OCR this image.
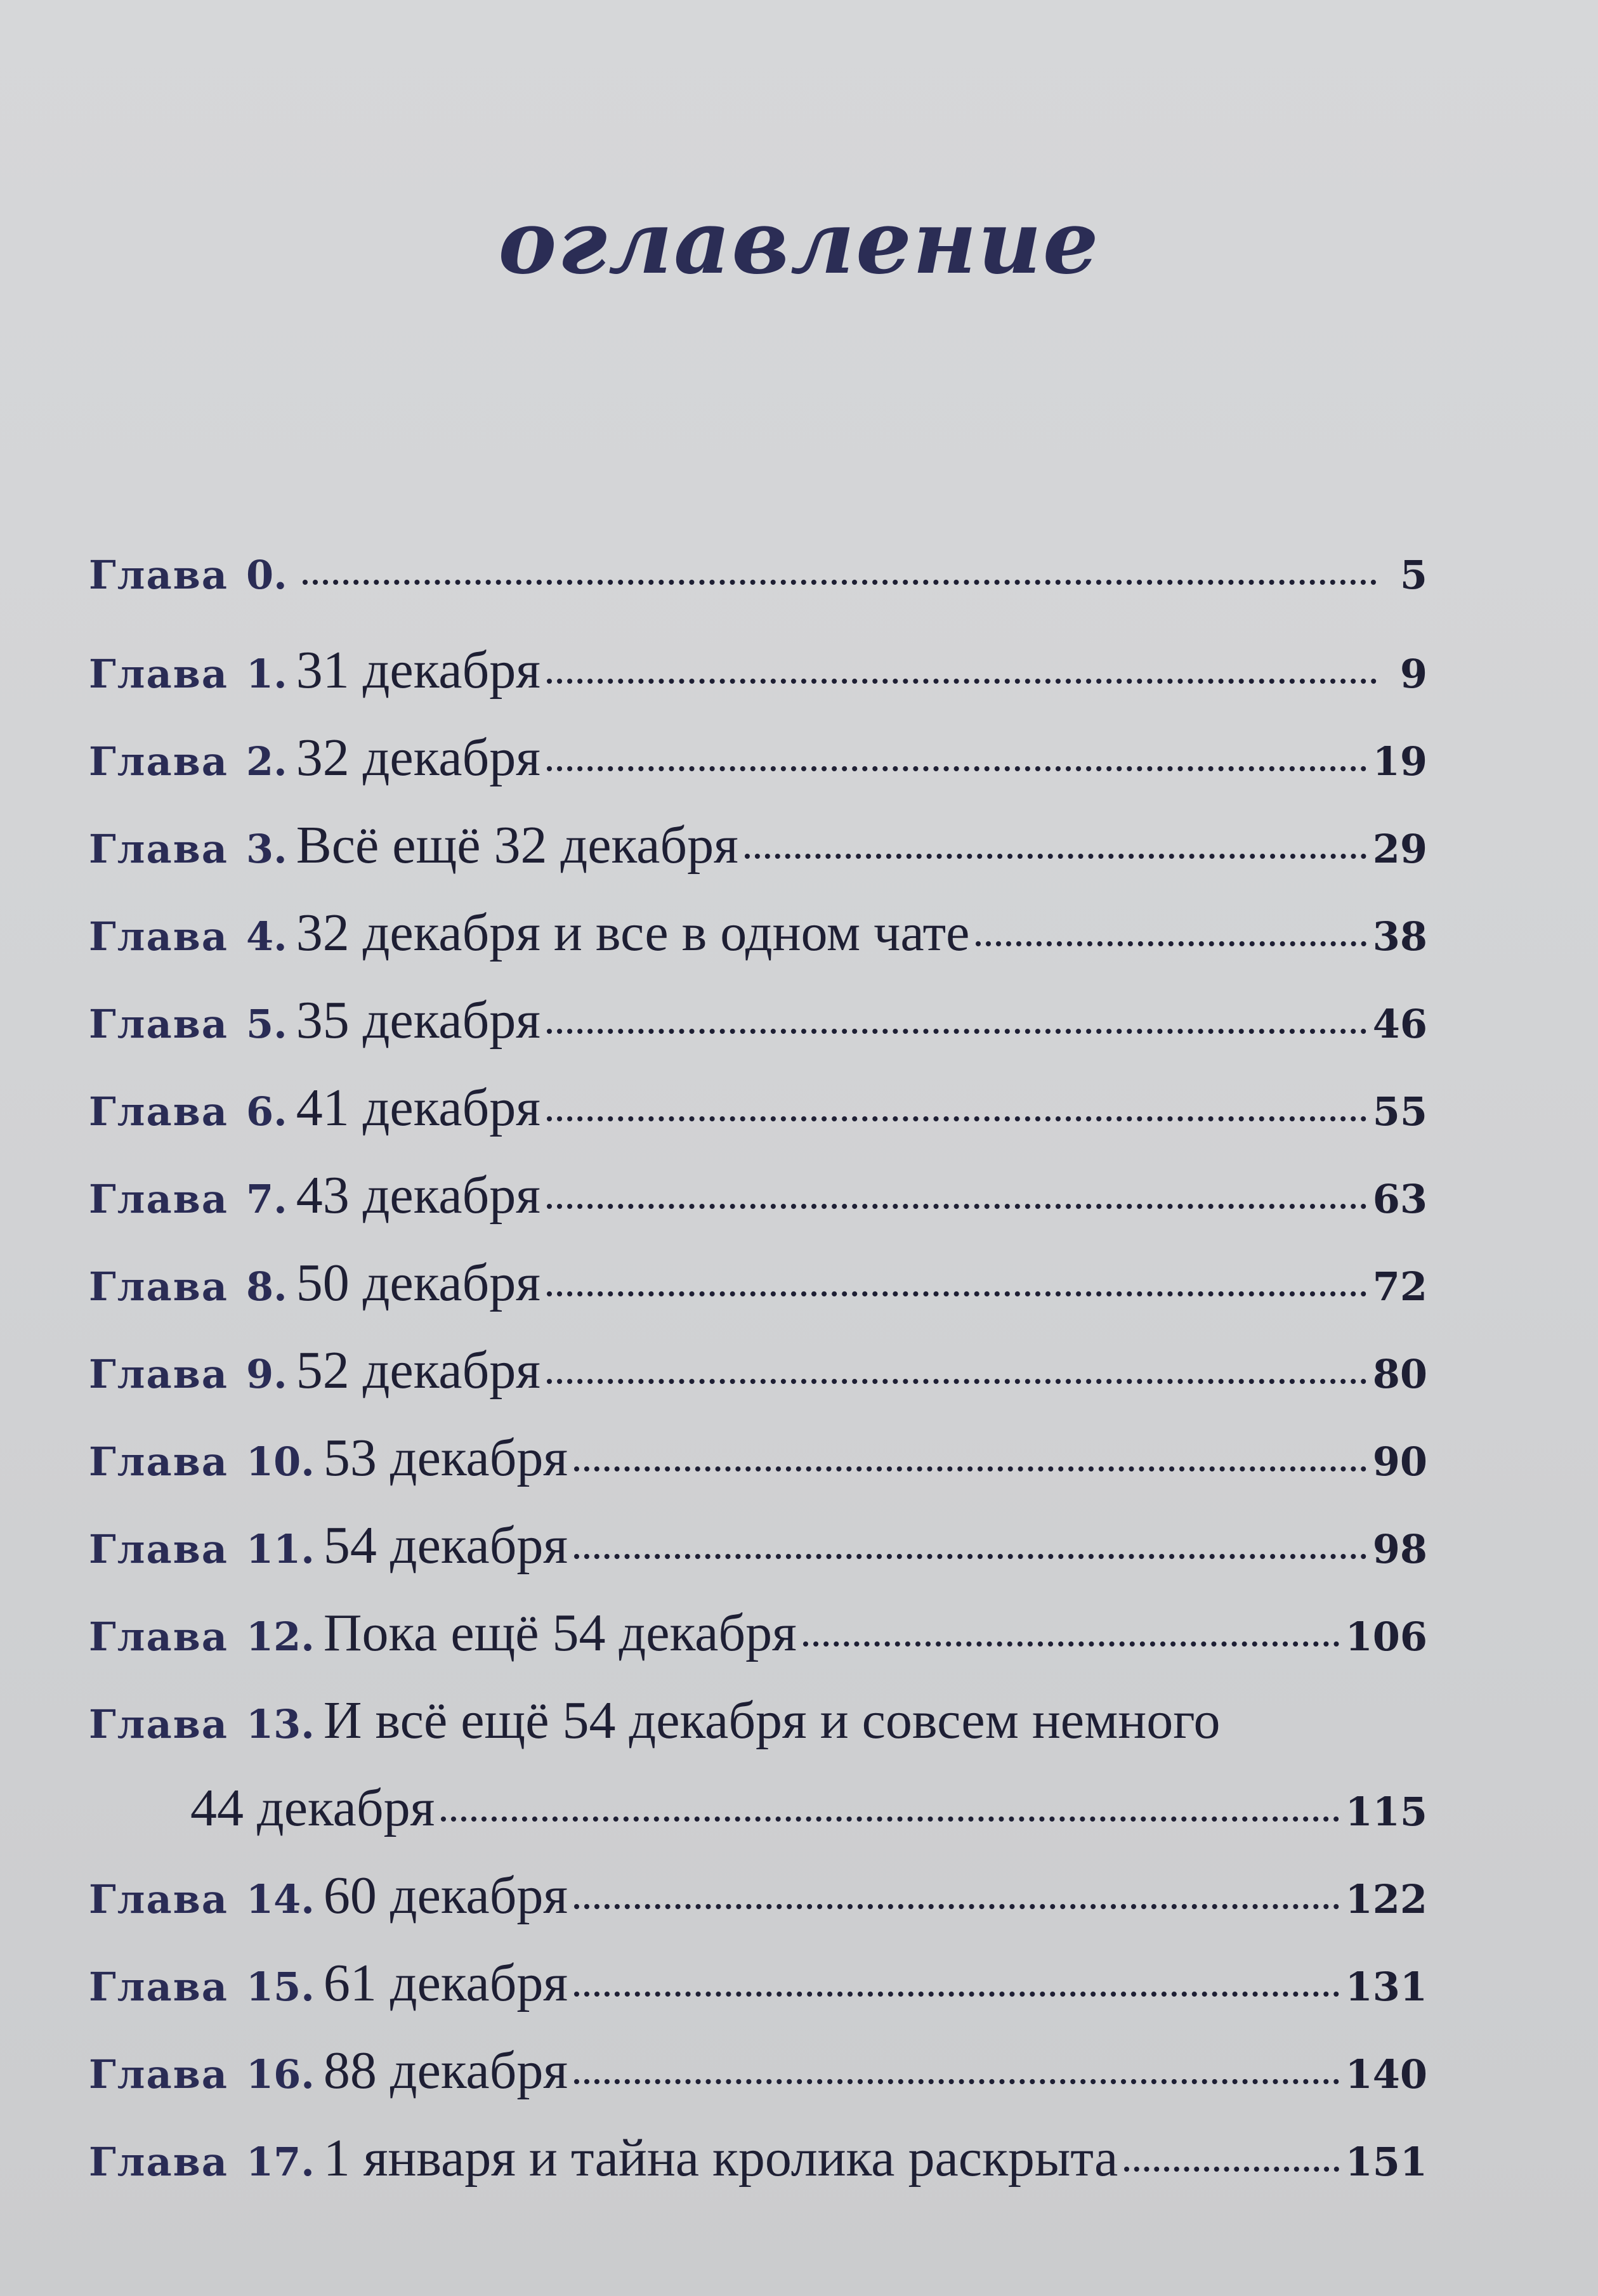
оглавление
Глава 0.	5
Глава 1. 31 декабря	9
Глава 2. 32 декабря	19
Глава 3. Всё ещё 32 декабря	29
Глава 4. 32 декабря и все в одном чате	38
Глава 5. 35 декабря	46
Глава 6. 41 декабря	55
Глава 7. 43 декабря	63
Глава 8. 50 декабря	72
Глава 9. 52 декабря	80
Глава 10. 53 декабря	90
Глава 11. 54 декабря	98
Глава 12. Пока ещё 54 декабря	106
Глава 13. И всё ещё 54 декабря и совсем немного
44 декабря	115
Глава 14. 60 декабря	122
Глава 15. 61 декабря	131
Глава 16. 88 декабря	140
Глава 17. 1 января и тайна кролика раскрыта	151
